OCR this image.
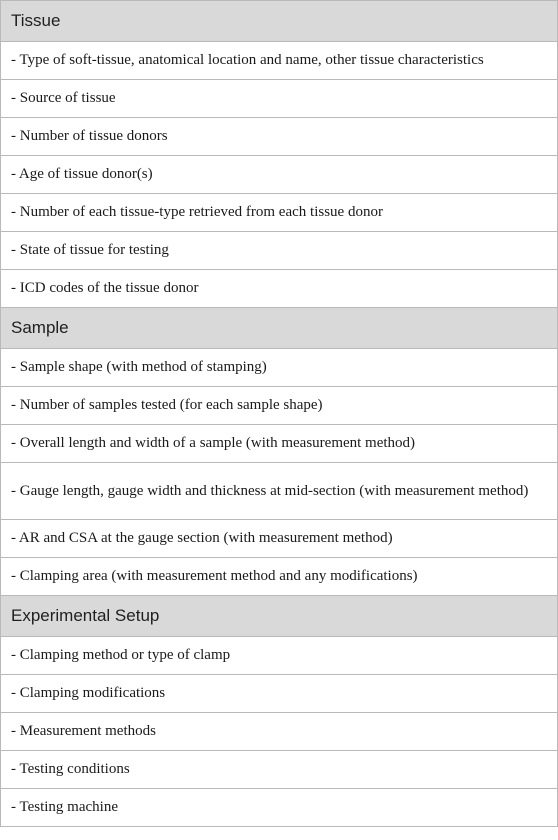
Tissue

- Type of soft-tissue, anatomical location and name, other tissue characteristics

- Source of tissue

- Number of tissue donors

- Age of tissue donor(s)

- Number of each tissue-type retrieved from each tissue donor

- State of tissue for testing

- ICD codes of the tissue donor

Sample

- Sample shape (with method of stamping)

- Number of samples tested (for each sample shape)

- Overall length and width of a sample (with measurement method)

- Gauge length, gauge width and thickness at mid-section (with measurement method)

- AR and CSA at the gauge section (with measurement method)

- Clamping area (with measurement method and any modifications)

Experimental Setup

- Clamping method or type of clamp

- Clamping modifications

- Measurement methods

- Testing conditions

- Testing machine
